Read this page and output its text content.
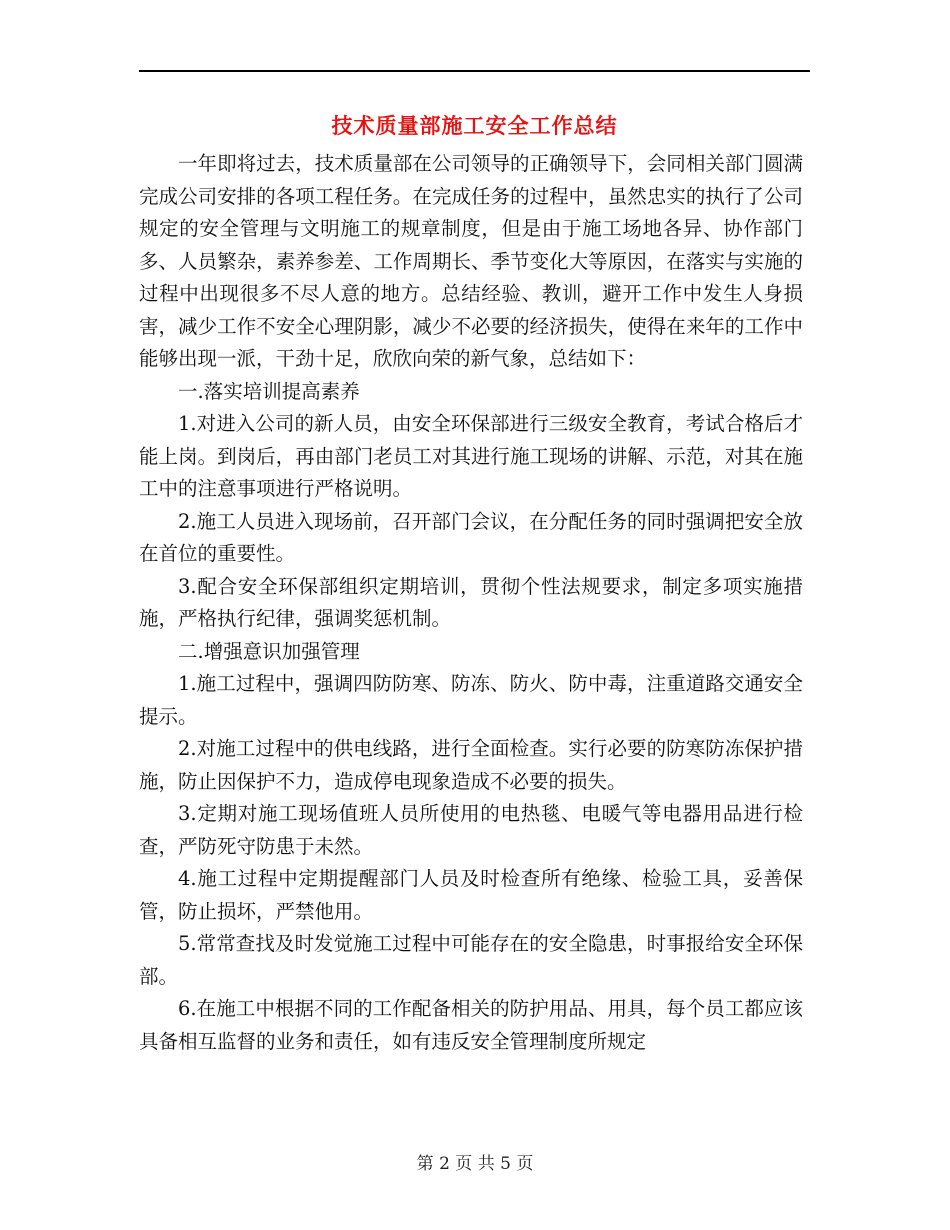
技术质量部施工安全工作总结

一年即将过去，技术质量部在公司领导的正确领导下，会同相关部门圆满完成公司安排的各项工程任务。在完成任务的过程中，虽然忠实的执行了公司规定的安全管理与文明施工的规章制度，但是由于施工场地各异、协作部门多、人员繁杂，素养参差、工作周期长、季节变化大等原因，在落实与实施的过程中出现很多不尽人意的地方。总结经验、教训，避开工作中发生人身损害，减少工作不安全心理阴影，减少不必要的经济损失，使得在来年的工作中能够出现一派，干劲十足，欣欣向荣的新气象，总结如下：

一.落实培训提高素养

1.对进入公司的新人员，由安全环保部进行三级安全教育，考试合格后才能上岗。到岗后，再由部门老员工对其进行施工现场的讲解、示范，对其在施工中的注意事项进行严格说明。

2.施工人员进入现场前，召开部门会议，在分配任务的同时强调把安全放在首位的重要性。

3.配合安全环保部组织定期培训，贯彻个性法规要求，制定多项实施措施，严格执行纪律，强调奖惩机制。

二.增强意识加强管理

1.施工过程中，强调四防防寒、防冻、防火、防中毒，注重道路交通安全提示。

2.对施工过程中的供电线路，进行全面检查。实行必要的防寒防冻保护措施，防止因保护不力，造成停电现象造成不必要的损失。

3.定期对施工现场值班人员所使用的电热毯、电暖气等电器用品进行检查，严防死守防患于未然。

4.施工过程中定期提醒部门人员及时检查所有绝缘、检验工具，妥善保管，防止损坏，严禁他用。

5.常常查找及时发觉施工过程中可能存在的安全隐患，时事报给安全环保部。

6.在施工中根据不同的工作配备相关的防护用品、用具，每个员工都应该具备相互监督的业务和责任，如有违反安全管理制度所规定

第 2 页 共 5 页
